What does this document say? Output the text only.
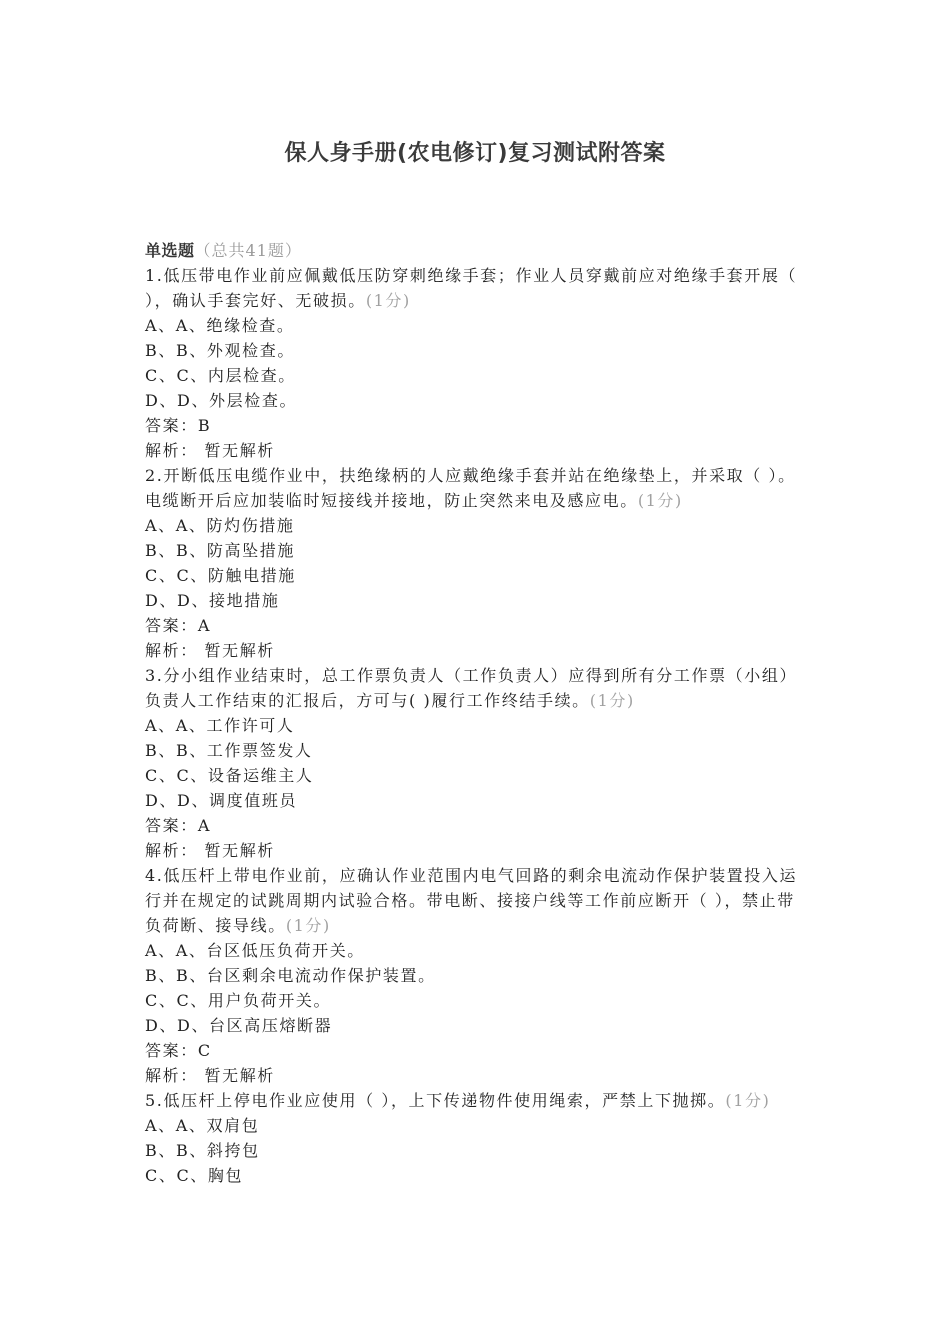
保人身手册(农电修订)复习测试附答案
单选题（总共41题）

1.低压带电作业前应佩戴低压防穿刺绝缘手套；作业人员穿戴前应对绝缘手套开展（ ），确认手套完好、无破损。(1分)

A、A、绝缘检查。

B、B、外观检查。

C、C、内层检查。

D、D、外层检查。

答案：B

解析： 暂无解析

2.开断低压电缆作业中，扶绝缘柄的人应戴绝缘手套并站在绝缘垫上，并采取（ ）。电缆断开后应加装临时短接线并接地，防止突然来电及感应电。(1分)

A、A、防灼伤措施

B、B、防高坠措施

C、C、防触电措施

D、D、接地措施

答案：A

解析： 暂无解析

3.分小组作业结束时，总工作票负责人（工作负责人）应得到所有分工作票（小组）负责人工作结束的汇报后，方可与( )履行工作终结手续。(1分)

A、A、工作许可人

B、B、工作票签发人

C、C、设备运维主人

D、D、调度值班员

答案：A

解析： 暂无解析

4.低压杆上带电作业前，应确认作业范围内电气回路的剩余电流动作保护装置投入运行并在规定的试跳周期内试验合格。带电断、接接户线等工作前应断开（ ），禁止带负荷断、接导线。(1分)

A、A、台区低压负荷开关。

B、B、台区剩余电流动作保护装置。

C、C、用户负荷开关。

D、D、台区高压熔断器

答案：C

解析： 暂无解析

5.低压杆上停电作业应使用（ ），上下传递物件使用绳索，严禁上下抛掷。(1分)

A、A、双肩包

B、B、斜挎包

C、C、胸包
